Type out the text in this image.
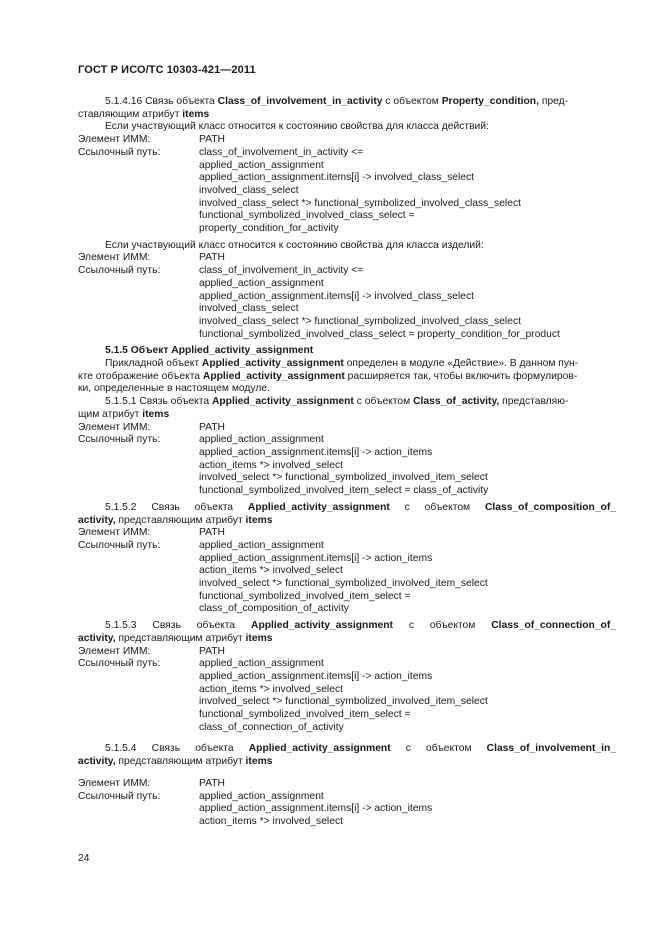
ГОСТ Р ИСО/ТС 10303-421—2011

5.1.4.16 Связь объекта Class_of_involvement_in_activity с объектом Property_condition, пред-

ставляющим атрибут items

Если участвующий класс относится к состоянию свойства для класса действий:

Элемент ИММ:	PATH
Ссылочный путь:	class_of_involvement_in_activity <=
applied_action_assignment
applied_action_assignment.items[i] -> involved_class_select
involved_class_select
involved_class_select *> functional_symbolized_involved_class_select
functional_symbolized_involved_class_select =
property_condition_for_activity

Если участвующий класс относится к состоянию свойства для класса изделий:

Элемент ИММ:	PATH
Ссылочный путь:	class_of_involvement_in_activity <=
applied_action_assignment
applied_action_assignment.items[i] -> involved_class_select
involved_class_select
involved_class_select *> functional_symbolized_involved_class_select
functional_symbolized_involved_class_select = property_condition_for_product

5.1.5 Объект Applied_activity_assignment

Прикладной объект Applied_activity_assignment определен в модуле «Действие». В данном пун-

кте отображение объекта Applied_activity_assignment расширяется так, чтобы включить формулиров-

ки, определенные в настоящем модуле.

5.1.5.1 Связь объекта Applied_activity_assignment с объектом Class_of_activity, представляю-

щим атрибут items

Элемент ИММ:	PATH
Ссылочный путь:	applied_action_assignment
applied_action_assignment.items[i] -> action_items
action_items *> involved_select
involved_select *> functional_symbolized_involved_item_select
functional_symbolized_involved_item_select = class_of_activity

5.1.5.2 Связь объекта Applied_activity_assignment с объектом Class_of_composition_of_

activity, представляющим атрибут items

Элемент ИММ:	PATH
Ссылочный путь:	applied_action_assignment
applied_action_assignment.items[i] -> action_items
action_items *> involved_select
involved_select *> functional_symbolized_involved_item_select
functional_symbolized_involved_item_select =
class_of_composition_of_activity

5.1.5.3 Связь объекта Applied_activity_assignment с объектом Class_of_connection_of_

activity, представляющим атрибут items

Элемент ИММ:	PATH
Ссылочный путь:	applied_action_assignment
applied_action_assignment.items[i] -> action_items
action_items *> involved_select
involved_select *> functional_symbolized_involved_item_select
functional_symbolized_involved_item_select =
class_of_connection_of_activity

5.1.5.4 Связь объекта Applied_activity_assignment с объектом Class_of_involvement_in_

activity, представляющим атрибут items

Элемент ИММ:	PATH
Ссылочный путь:	applied_action_assignment
applied_action_assignment.items[i] -> action_items
action_items *> involved_select
24
